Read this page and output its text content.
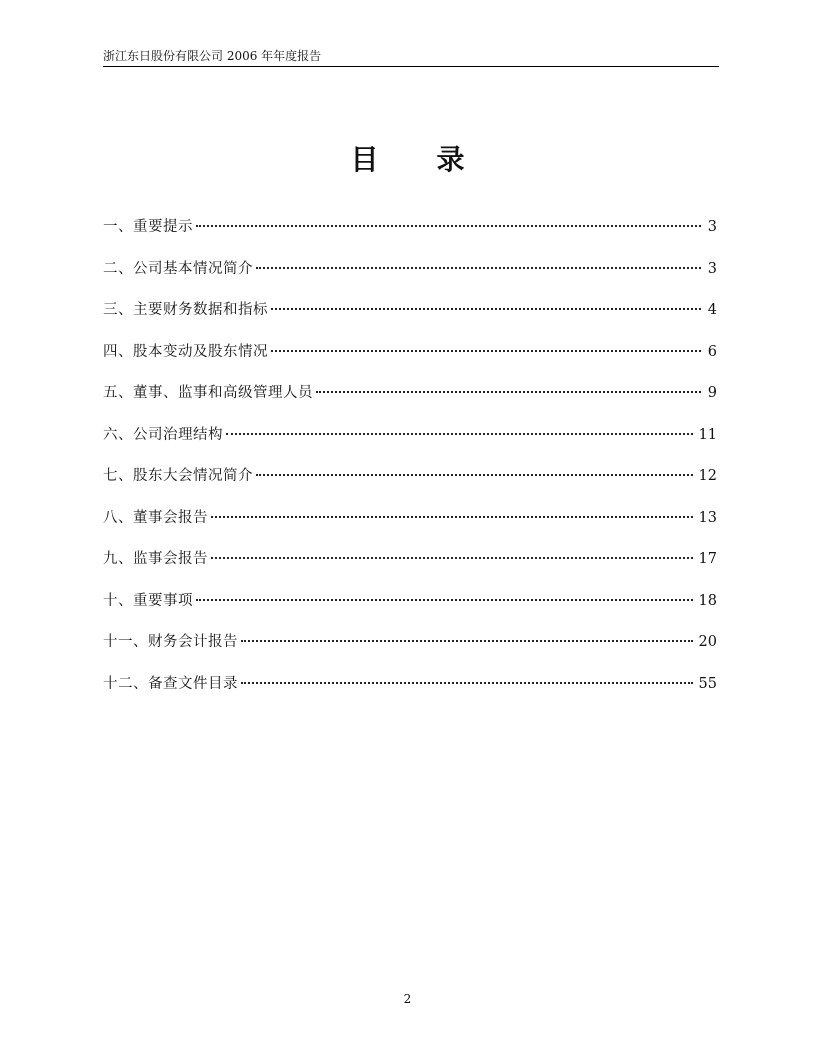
浙江东日股份有限公司 2006 年年度报告
目录
一、重要提示	3
二、公司基本情况简介	3
三、主要财务数据和指标	4
四、股本变动及股东情况	6
五、董事、监事和高级管理人员	9
六、公司治理结构	11
七、股东大会情况简介	12
八、董事会报告	13
九、监事会报告	17
十、重要事项	18
十一、财务会计报告	20
十二、备查文件目录	55
2
